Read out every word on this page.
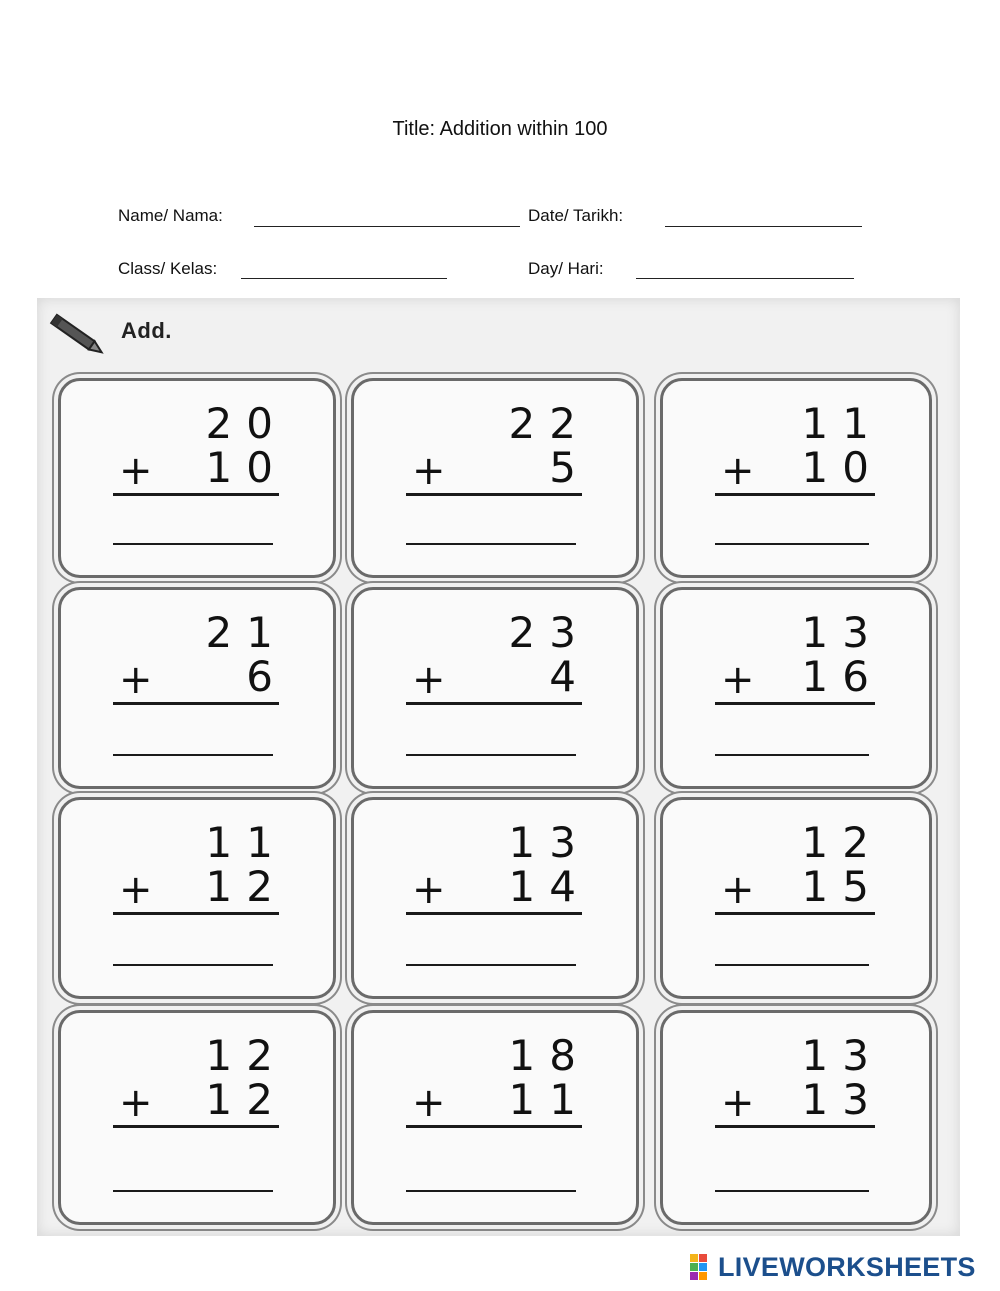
Title: Addition within 100
Name/ Nama:	Date/ Tarikh:
Class/ Kelas:	Day/ Hari:
Add.
20
+ 10
22
+ 5
11
+ 10
21
+ 6
23
+ 4
13
+ 16
11
+ 12
13
+ 14
12
+ 15
12
+ 12
18
+ 11
13
+ 13
LIVEWORKSHEETS
